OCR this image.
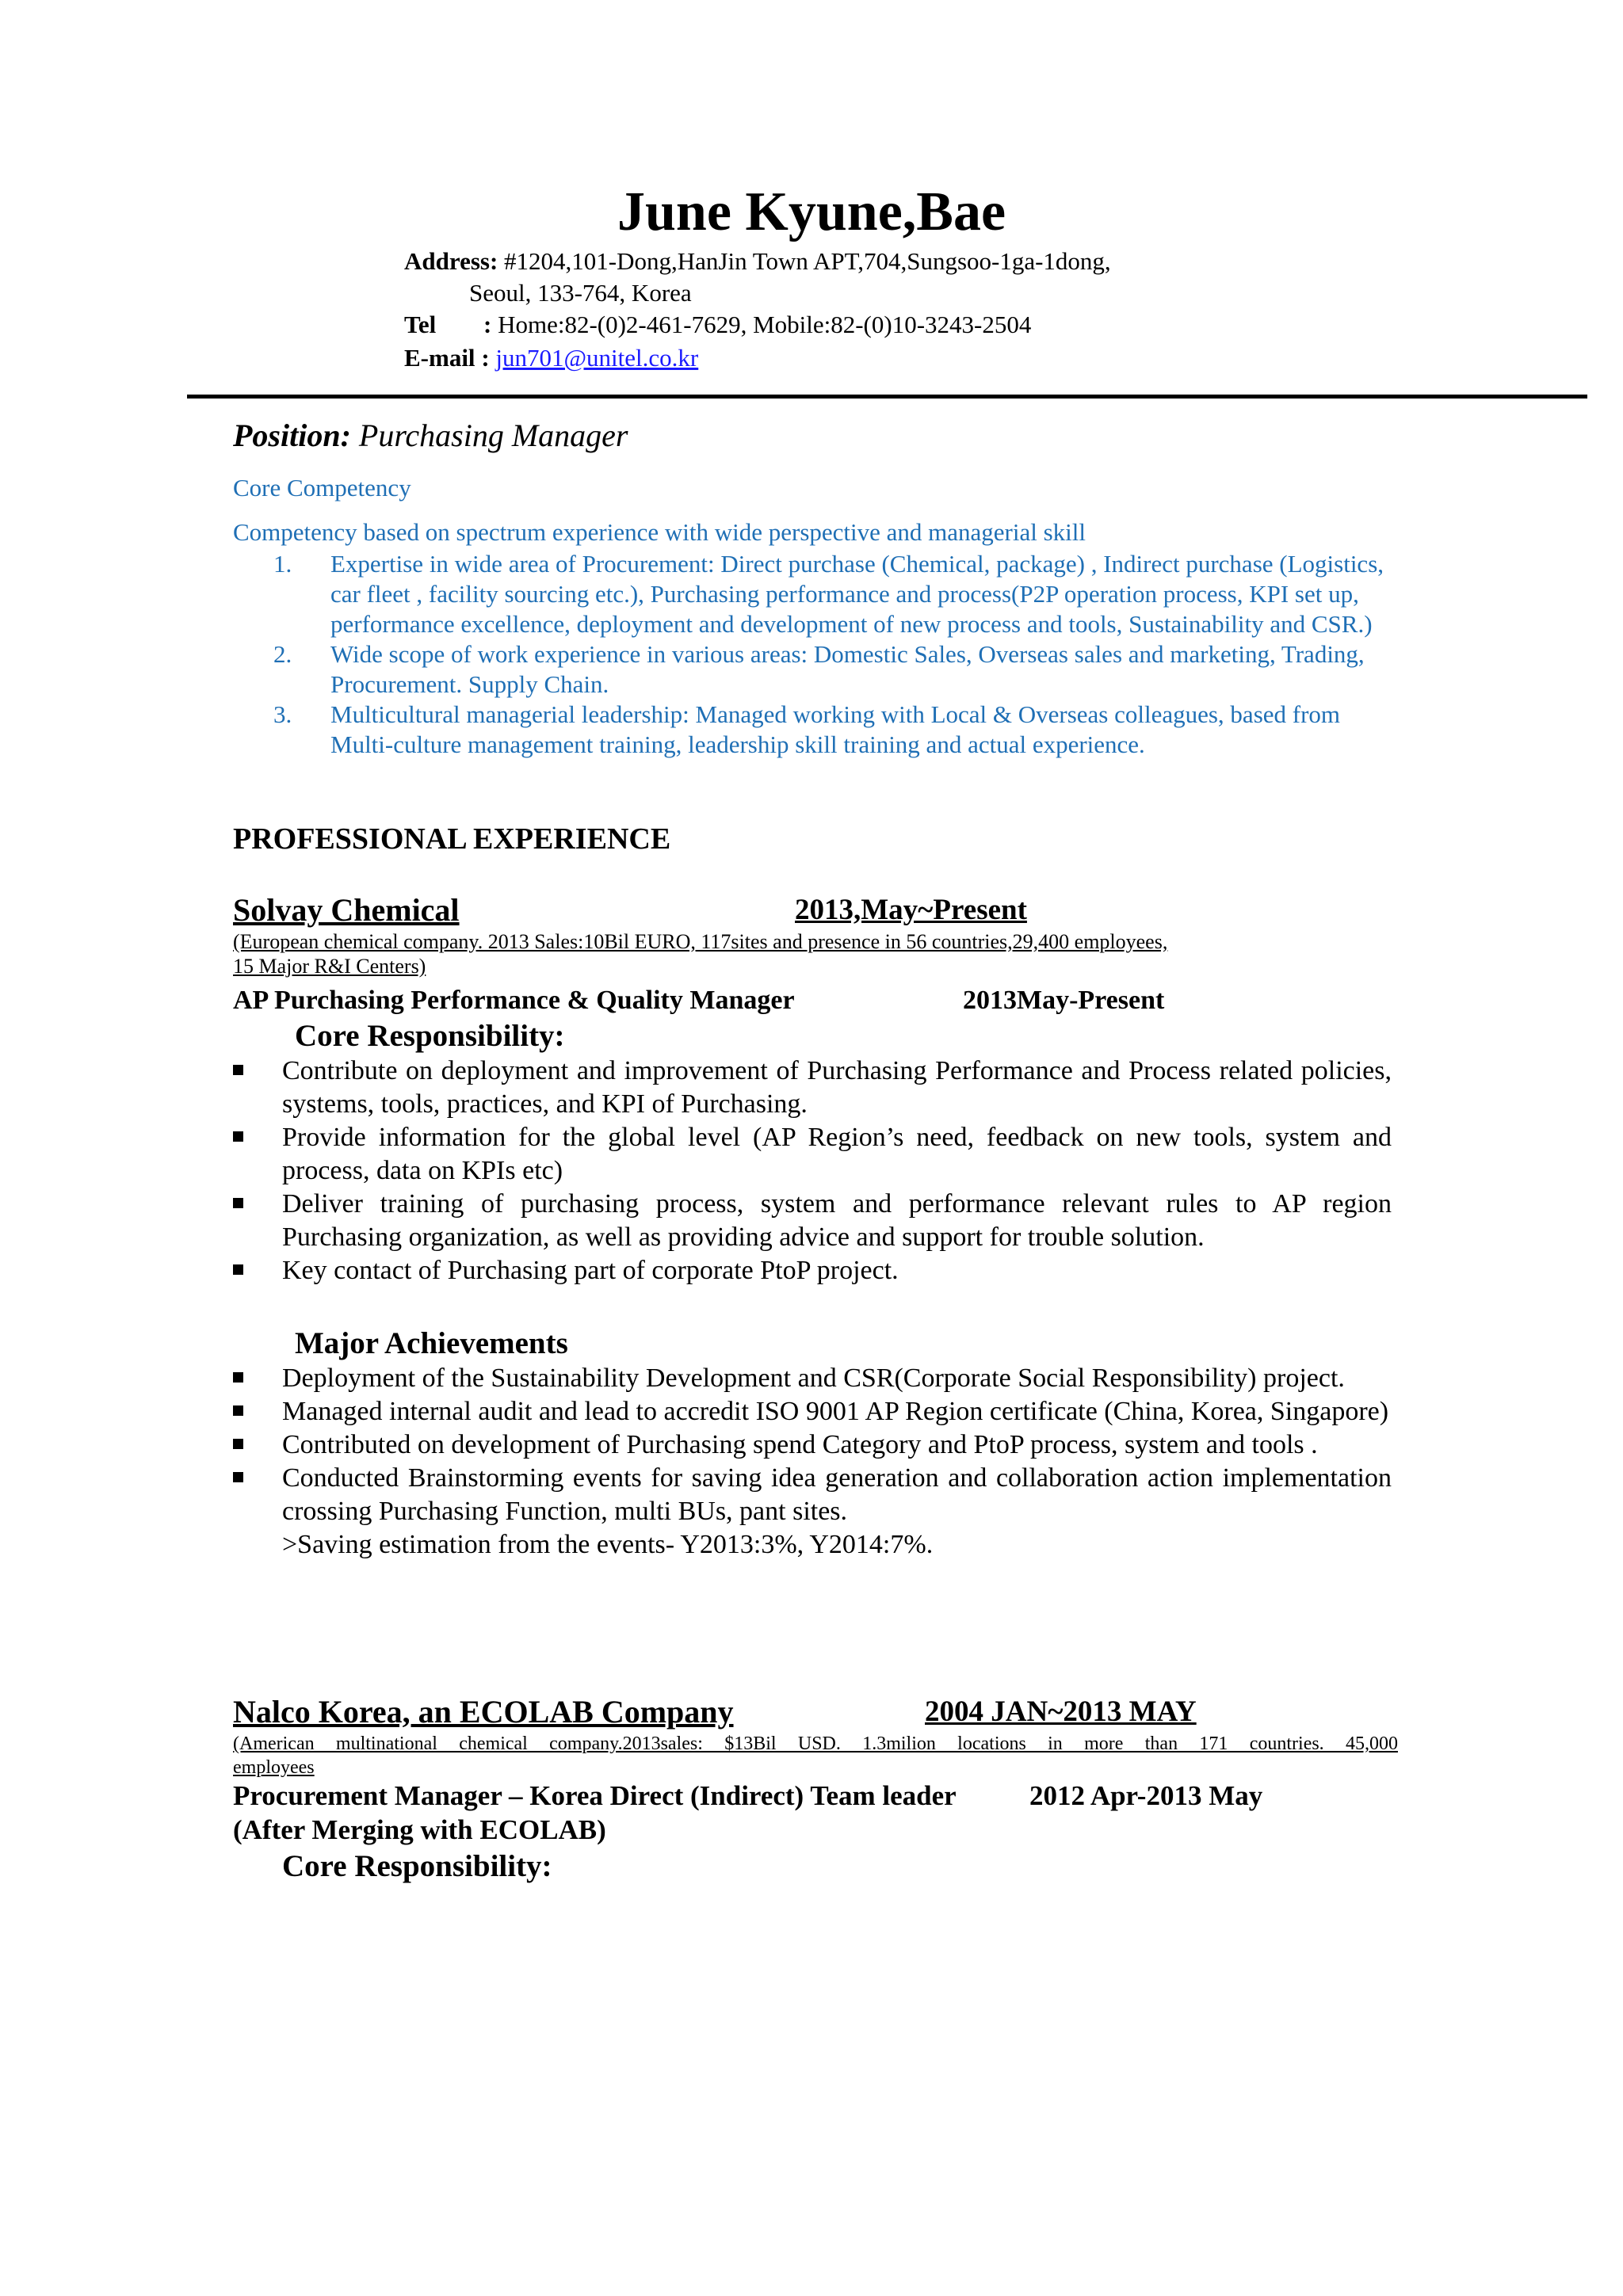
June Kyune,Bae
Address: #1204,101-Dong,HanJin Town APT,704,Sungsoo-1ga-1dong,
Seoul, 133-764, Korea
Tel : Home:82-(0)2-461-7629, Mobile:82-(0)10-3243-2504
E-mail : jun701@unitel.co.kr
Position: Purchasing Manager
Core Competency
Competency based on spectrum experience with wide perspective and managerial skill
1. Expertise in wide area of Procurement: Direct purchase (Chemical, package) , Indirect purchase (Logistics, car fleet , facility sourcing etc.), Purchasing performance and process(P2P operation process, KPI set up, performance excellence, deployment and development of new process and tools, Sustainability and CSR.)
2. Wide scope of work experience in various areas: Domestic Sales, Overseas sales and marketing, Trading, Procurement. Supply Chain.
3. Multicultural managerial leadership: Managed working with Local & Overseas colleagues, based from Multi-culture management training, leadership skill training and actual experience.
PROFESSIONAL EXPERIENCE
Solvay Chemical	2013,May~Present
(European chemical company. 2013 Sales:10Bil EURO, 117sites and presence in 56 countries,29,400 employees,
15 Major R&I Centers)
AP Purchasing Performance & Quality Manager	2013May-Present
Core Responsibility:
Contribute on deployment and improvement of Purchasing Performance and Process related policies, systems, tools, practices, and KPI of Purchasing.
Provide information for the global level (AP Region’s need, feedback on new tools, system and process, data on KPIs etc)
Deliver training of purchasing process, system and performance relevant rules to AP region Purchasing organization, as well as providing advice and support for trouble solution.
Key contact of Purchasing part of corporate PtoP project.
Major Achievements
Deployment of the Sustainability Development and CSR(Corporate Social Responsibility) project.
Managed internal audit and lead to accredit ISO 9001 AP Region certificate (China, Korea, Singapore)
Contributed on development of Purchasing spend Category and PtoP process, system and tools .
Conducted Brainstorming events for saving idea generation and collaboration action implementation crossing Purchasing Function, multi BUs, pant sites.
>Saving estimation from the events- Y2013:3%, Y2014:7%.
Nalco Korea, an ECOLAB Company	2004 JAN~2013 MAY
(American multinational chemical company.2013sales: $13Bil USD. 1.3milion locations in more than 171 countries. 45,000
employees
Procurement Manager – Korea Direct (Indirect) Team leader	2012 Apr-2013 May
(After Merging with ECOLAB)
Core Responsibility:
